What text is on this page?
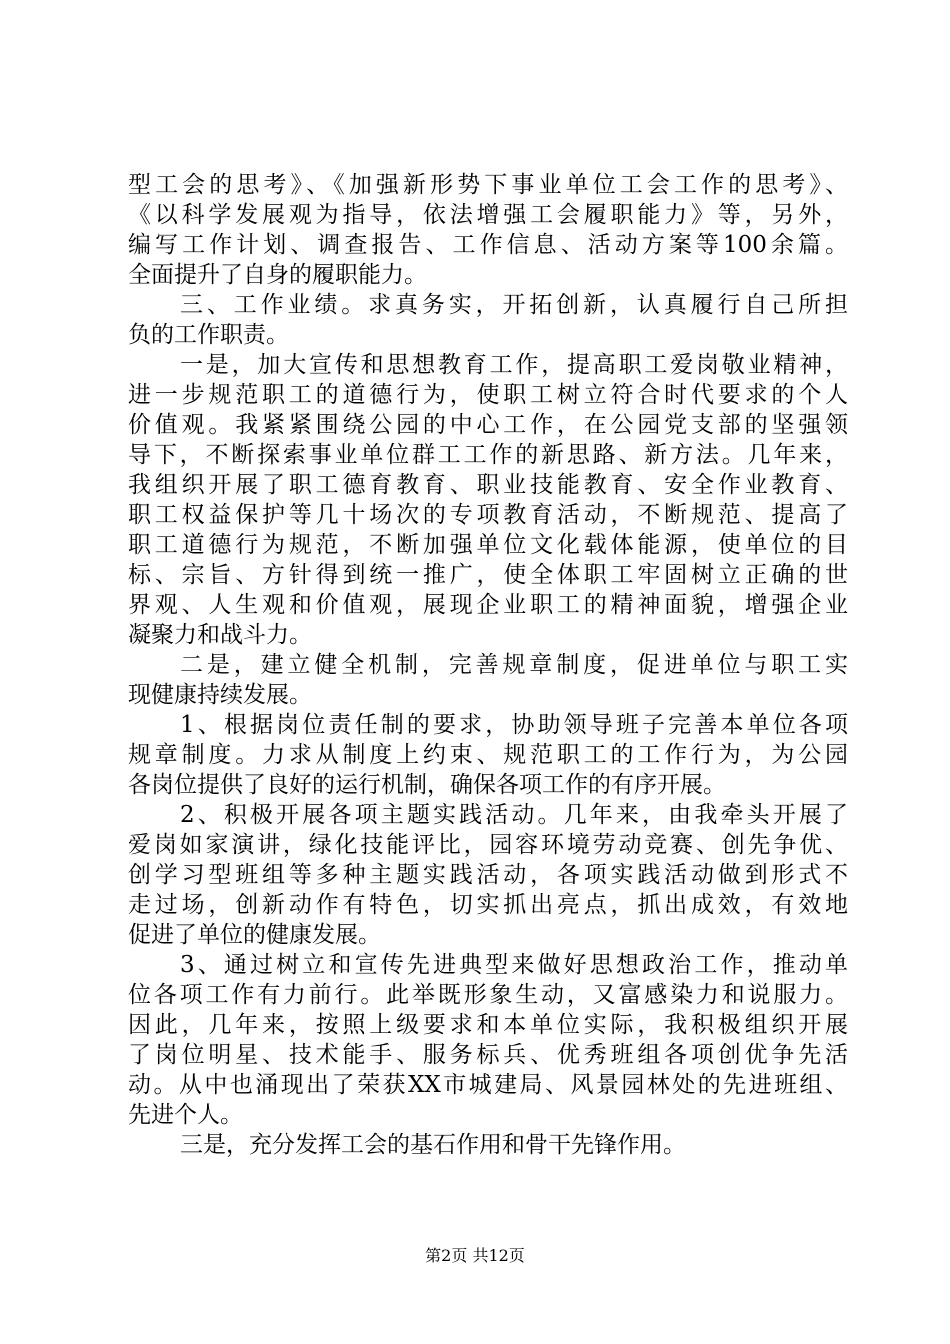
型工会的思考》、《加强新形势下事业单位工会工作的思考》、
《以科学发展观为指导，依法增强工会履职能力》等，另外，
编写工作计划、调查报告、工作信息、活动方案等100余篇。
全面提升了自身的履职能力。
三、工作业绩。求真务实，开拓创新，认真履行自己所担
负的工作职责。
一是，加大宣传和思想教育工作，提高职工爱岗敬业精神，
进一步规范职工的道德行为，使职工树立符合时代要求的个人
价值观。我紧紧围绕公园的中心工作，在公园党支部的坚强领
导下，不断探索事业单位群工工作的新思路、新方法。几年来，
我组织开展了职工德育教育、职业技能教育、安全作业教育、
职工权益保护等几十场次的专项教育活动，不断规范、提高了
职工道德行为规范，不断加强单位文化载体能源，使单位的目
标、宗旨、方针得到统一推广，使全体职工牢固树立正确的世
界观、人生观和价值观，展现企业职工的精神面貌，增强企业
凝聚力和战斗力。
二是，建立健全机制，完善规章制度，促进单位与职工实
现健康持续发展。
1、根据岗位责任制的要求，协助领导班子完善本单位各项
规章制度。力求从制度上约束、规范职工的工作行为，为公园
各岗位提供了良好的运行机制，确保各项工作的有序开展。
2、积极开展各项主题实践活动。几年来，由我牵头开展了
爱岗如家演讲，绿化技能评比，园容环境劳动竞赛、创先争优、
创学习型班组等多种主题实践活动，各项实践活动做到形式不
走过场，创新动作有特色，切实抓出亮点，抓出成效，有效地
促进了单位的健康发展。
3、通过树立和宣传先进典型来做好思想政治工作，推动单
位各项工作有力前行。此举既形象生动，又富感染力和说服力。
因此，几年来，按照上级要求和本单位实际，我积极组织开展
了岗位明星、技术能手、服务标兵、优秀班组各项创优争先活
动。从中也涌现出了荣获XX市城建局、风景园林处的先进班组、
先进个人。
三是，充分发挥工会的基石作用和骨干先锋作用。
第2页 共12页
